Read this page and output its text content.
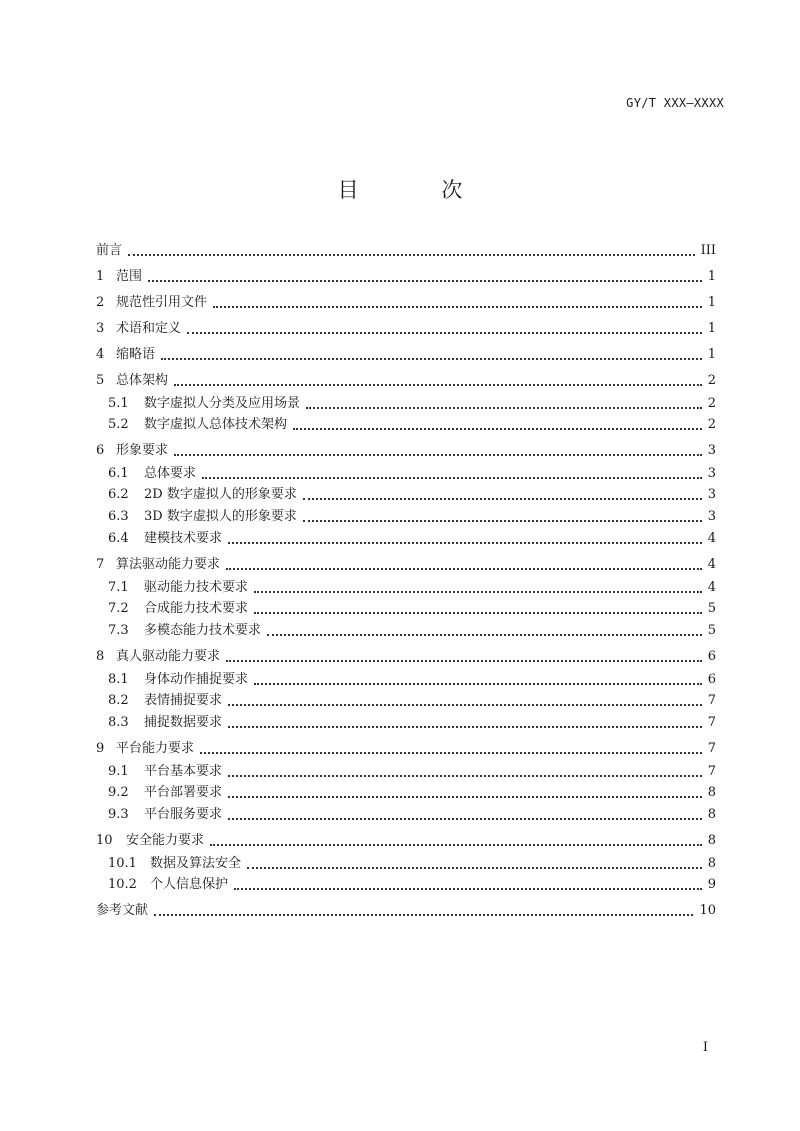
GY/T XXX—XXXX
目 次
前言	III
1 范围	1
2 规范性引用文件	1
3 术语和定义	1
4 缩略语	1
5 总体架构	2
5.1	数字虚拟人分类及应用场景	2
5.2	数字虚拟人总体技术架构	2
6 形象要求	3
6.1	总体要求	3
6.2	2D 数字虚拟人的形象要求	3
6.3	3D 数字虚拟人的形象要求	3
6.4	建模技术要求	4
7 算法驱动能力要求	4
7.1	驱动能力技术要求	4
7.2	合成能力技术要求	5
7.3	多模态能力技术要求	5
8 真人驱动能力要求	6
8.1	身体动作捕捉要求	6
8.2	表情捕捉要求	7
8.3	捕捉数据要求	7
9 平台能力要求	7
9.1	平台基本要求	7
9.2	平台部署要求	8
9.3	平台服务要求	8
10	安全能力要求	8
10.1	数据及算法安全	8
10.2	个人信息保护	9
参考文献	10
I
